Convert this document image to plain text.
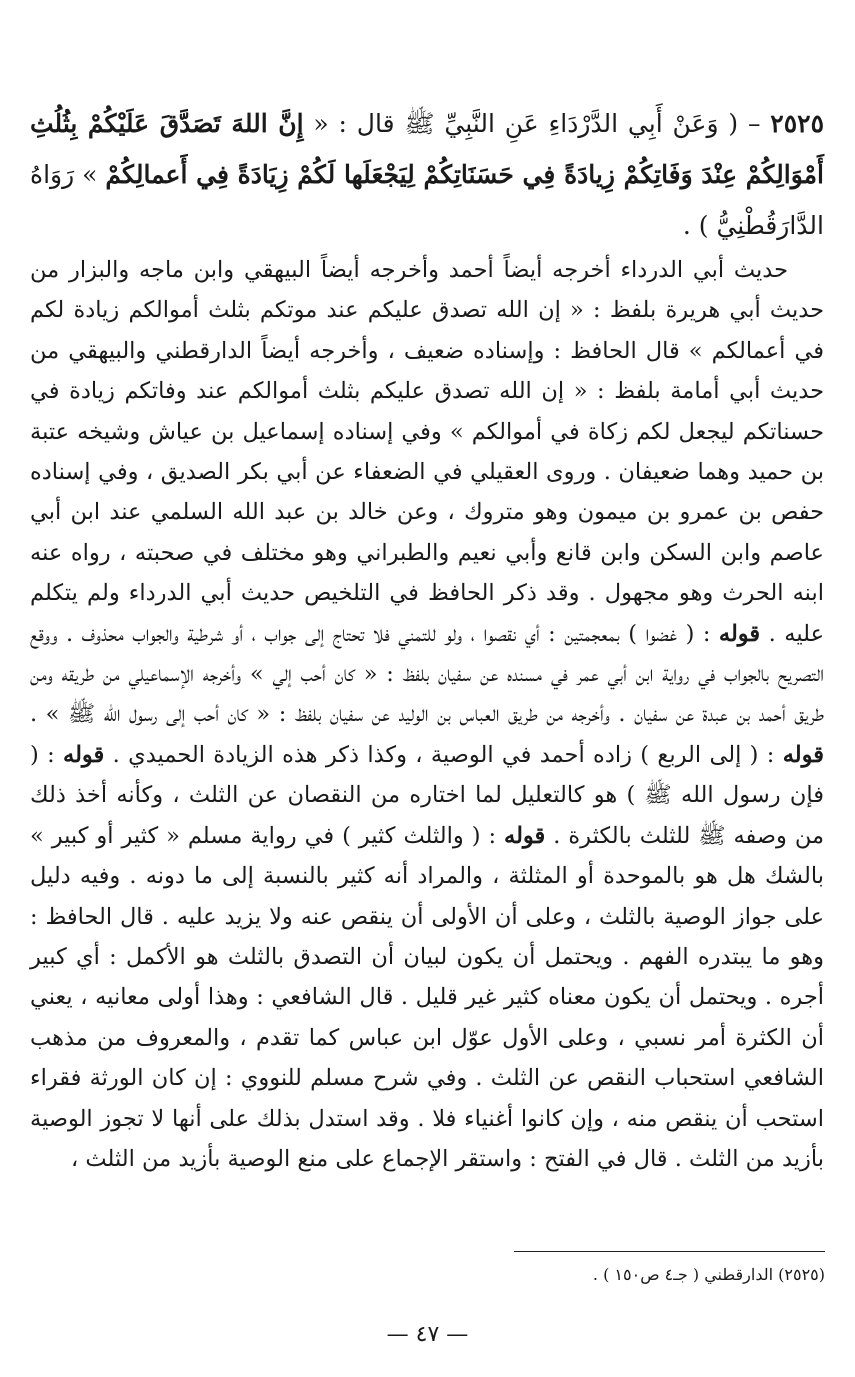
٢٥٢٥ – ( وَعَنْ أَبِي الدَّرْدَاءِ عَنِ النَّبِيِّ ﷺ قال : « إِنَّ اللهَ تَصَدَّقَ عَلَيْكُمْ بِثُلُثِ أَمْوَالِكُمْ عِنْدَ وَفَاتِكُمْ زِيادَةً فِي حَسَنَاتِكُمْ لِيَجْعَلَها لَكُمْ زِيَادَةً فِي أَعمالِكُمْ » رَوَاهُ الدَّارَقُطْنِيُّ ) .
حديث أبي الدرداء أخرجه أيضاً أحمد وأخرجه أيضاً البيهقي وابن ماجه والبزار من حديث أبي هريرة بلفظ : « إن الله تصدق عليكم عند موتكم بثلث أموالكم زيادة لكم في أعمالكم » قال الحافظ : وإسناده ضعيف ، وأخرجه أيضاً الدارقطني والبيهقي من حديث أبي أمامة بلفظ : « إن الله تصدق عليكم بثلث أموالكم عند وفاتكم زيادة في حسناتكم ليجعل لكم زكاة في أموالكم » وفي إسناده إسماعيل بن عياش وشيخه عتبة بن حميد وهما ضعيفان . وروى العقيلي في الضعفاء عن أبي بكر الصديق ، وفي إسناده حفص بن عمرو بن ميمون وهو متروك ، وعن خالد بن عبد الله السلمي عند ابن أبي عاصم وابن السكن وابن قانع وأبي نعيم والطبراني وهو مختلف في صحبته ، رواه عنه ابنه الحرث وهو مجهول . وقد ذكر الحافظ في التلخيص حديث أبي الدرداء ولم يتكلم عليه . قوله : ( غضوا ) بمعجمتين : أي نقصوا ، ولو للتمني فلا تحتاج إلى جواب ، أو شرطية والجواب محذوف . ووقع التصريح بالجواب في رواية ابن أبي عمر في مسنده عن سفيان بلفظ : « كان أحب إلي » وأخرجه الإسماعيلي من طريقه ومن طريق أحمد بن عبدة عن سفيان . وأخرجه من طريق العباس بن الوليد عن سفيان بلفظ : « كان أحب إلى رسول الله ﷺ » . قوله : ( إلى الربع ) زاده أحمد في الوصية ، وكذا ذكر هذه الزيادة الحميدي . قوله : ( فإن رسول الله ﷺ ) هو كالتعليل لما اختاره من النقصان عن الثلث ، وكأنه أخذ ذلك من وصفه ﷺ للثلث بالكثرة . قوله : ( والثلث كثير ) في رواية مسلم « كثير أو كبير » بالشك هل هو بالموحدة أو المثلثة ، والمراد أنه كثير بالنسبة إلى ما دونه . وفيه دليل على جواز الوصية بالثلث ، وعلى أن الأولى أن ينقص عنه ولا يزيد عليه . قال الحافظ : وهو ما يبتدره الفهم . ويحتمل أن يكون لبيان أن التصدق بالثلث هو الأكمل : أي كبير أجره . ويحتمل أن يكون معناه كثير غير قليل . قال الشافعي : وهذا أولى معانيه ، يعني أن الكثرة أمر نسبي ، وعلى الأول عوّل ابن عباس كما تقدم ، والمعروف من مذهب الشافعي استحباب النقص عن الثلث . وفي شرح مسلم للنووي : إن كان الورثة فقراء استحب أن ينقص منه ، وإن كانوا أغنياء فلا . وقد استدل بذلك على أنها لا تجوز الوصية بأزيد من الثلث . قال في الفتح : واستقر الإجماع على منع الوصية بأزيد من الثلث ،
(٢٥٢٥) الدارقطني ( جـ٤ ص١٥٠ ) .
— ٤٧ —
